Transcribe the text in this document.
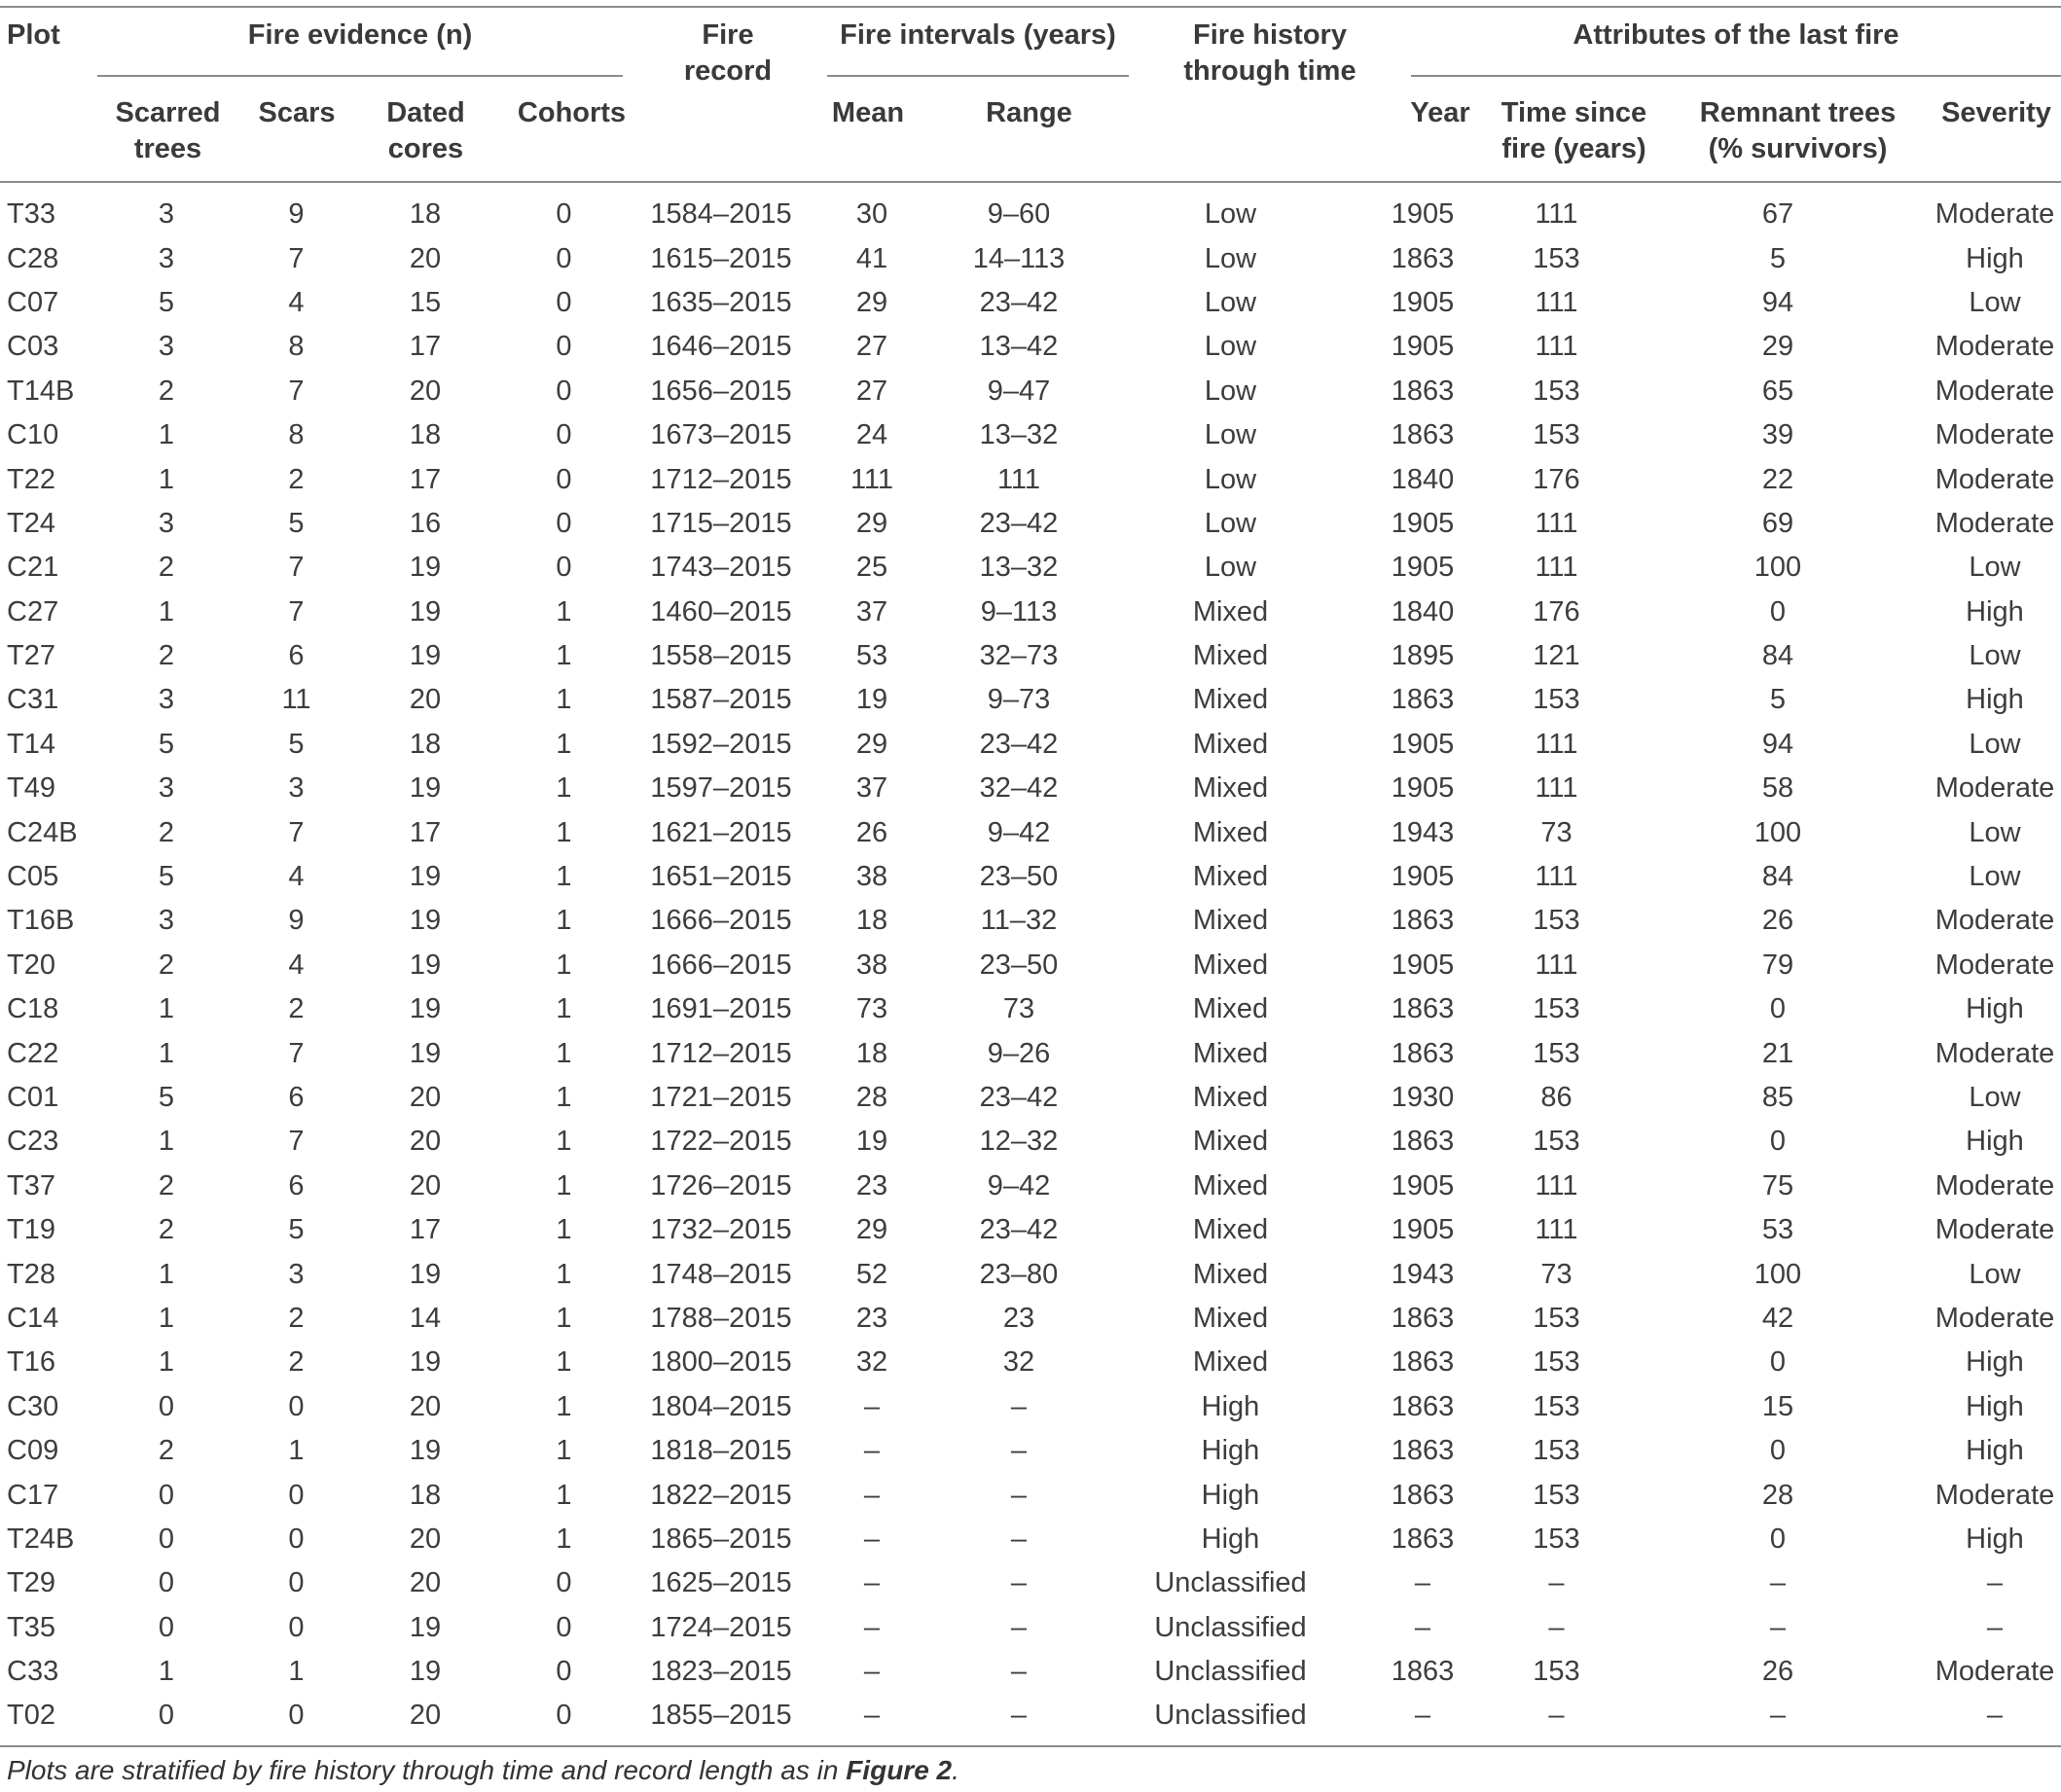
Plot	Fire evidence (n)	Fire
record
Fire intervals (years)	Fire history
through time
Attributes of the last fire
Scarred
trees
Scars	Dated
cores
Cohorts	Mean	Range	Year	Time since
fire (years)
Remnant trees
(% survivors)
Severity
T33	3	9	18	0	1584–2015	30	9–60	Low	1905	111	67	Moderate
C28	3	7	20	0	1615–2015	41	14–113	Low	1863	153	5	High
C07	5	4	15	0	1635–2015	29	23–42	Low	1905	111	94	Low
C03	3	8	17	0	1646–2015	27	13–42	Low	1905	111	29	Moderate
T14B	2	7	20	0	1656–2015	27	9–47	Low	1863	153	65	Moderate
C10	1	8	18	0	1673–2015	24	13–32	Low	1863	153	39	Moderate
T22	1	2	17	0	1712–2015	111	111	Low	1840	176	22	Moderate
T24	3	5	16	0	1715–2015	29	23–42	Low	1905	111	69	Moderate
C21	2	7	19	0	1743–2015	25	13–32	Low	1905	111	100	Low
C27	1	7	19	1	1460–2015	37	9–113	Mixed	1840	176	0	High
T27	2	6	19	1	1558–2015	53	32–73	Mixed	1895	121	84	Low
C31	3	11	20	1	1587–2015	19	9–73	Mixed	1863	153	5	High
T14	5	5	18	1	1592–2015	29	23–42	Mixed	1905	111	94	Low
T49	3	3	19	1	1597–2015	37	32–42	Mixed	1905	111	58	Moderate
C24B	2	7	17	1	1621–2015	26	9–42	Mixed	1943	73	100	Low
C05	5	4	19	1	1651–2015	38	23–50	Mixed	1905	111	84	Low
T16B	3	9	19	1	1666–2015	18	11–32	Mixed	1863	153	26	Moderate
T20	2	4	19	1	1666–2015	38	23–50	Mixed	1905	111	79	Moderate
C18	1	2	19	1	1691–2015	73	73	Mixed	1863	153	0	High
C22	1	7	19	1	1712–2015	18	9–26	Mixed	1863	153	21	Moderate
C01	5	6	20	1	1721–2015	28	23–42	Mixed	1930	86	85	Low
C23	1	7	20	1	1722–2015	19	12–32	Mixed	1863	153	0	High
T37	2	6	20	1	1726–2015	23	9–42	Mixed	1905	111	75	Moderate
T19	2	5	17	1	1732–2015	29	23–42	Mixed	1905	111	53	Moderate
T28	1	3	19	1	1748–2015	52	23–80	Mixed	1943	73	100	Low
C14	1	2	14	1	1788–2015	23	23	Mixed	1863	153	42	Moderate
T16	1	2	19	1	1800–2015	32	32	Mixed	1863	153	0	High
C30	0	0	20	1	1804–2015	–	–	High	1863	153	15	High
C09	2	1	19	1	1818–2015	–	–	High	1863	153	0	High
C17	0	0	18	1	1822–2015	–	–	High	1863	153	28	Moderate
T24B	0	0	20	1	1865–2015	–	–	High	1863	153	0	High
T29	0	0	20	0	1625–2015	–	–	Unclassified	–	–	–	–
T35	0	0	19	0	1724–2015	–	–	Unclassified	–	–	–	–
C33	1	1	19	0	1823–2015	–	–	Unclassified	1863	153	26	Moderate
T02	0	0	20	0	1855–2015	–	–	Unclassified	–	–	–	–
Plots are stratified by fire history through time and record length as in Figure 2.
